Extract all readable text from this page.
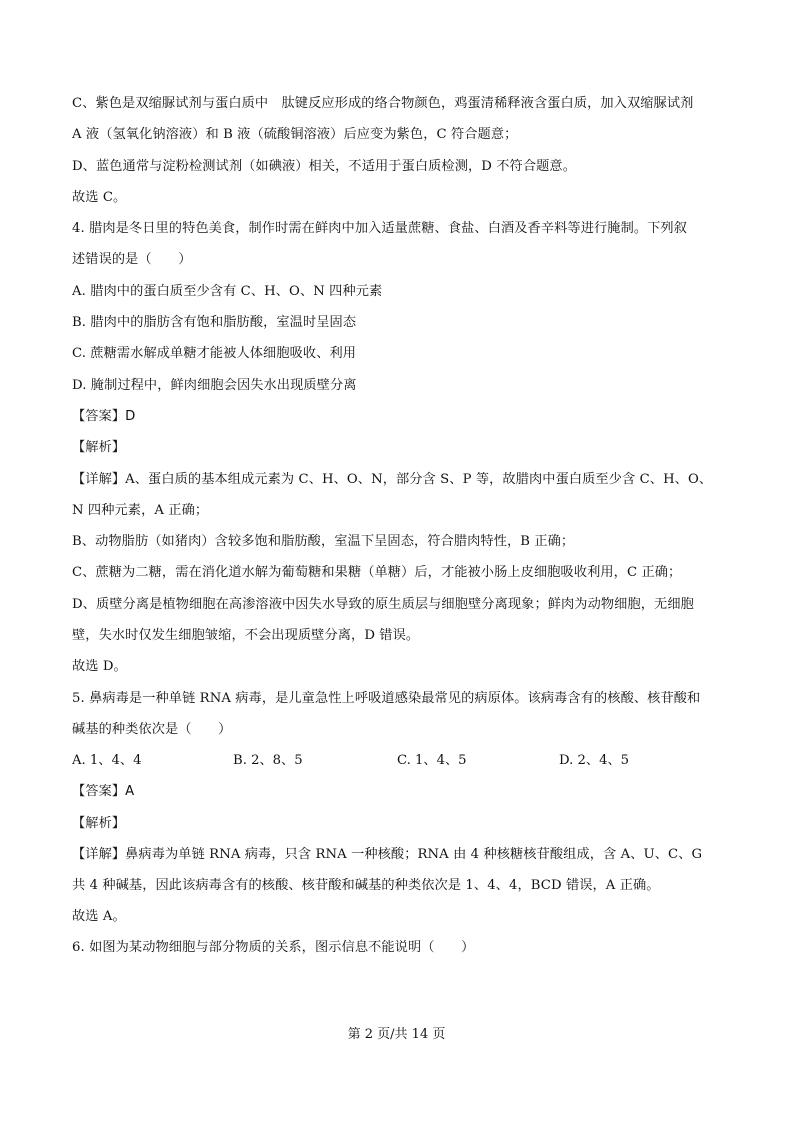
C、紫色是双缩脲试剂与蛋白质中　肽键反应形成的络合物颜色，鸡蛋清稀释液含蛋白质，加入双缩脲试剂
A 液（氢氧化钠溶液）和 B 液（硫酸铜溶液）后应变为紫色，C 符合题意；
D、蓝色通常与淀粉检测试剂（如碘液）相关，不适用于蛋白质检测，D 不符合题意。
故选 C。
4. 腊肉是冬日里的特色美食，制作时需在鲜肉中加入适量蔗糖、食盐、白酒及香辛料等进行腌制。下列叙
述错误的是（　　）
A. 腊肉中的蛋白质至少含有 C、H、O、N 四种元素
B. 腊肉中的脂肪含有饱和脂肪酸，室温时呈固态
C. 蔗糖需水解成单糖才能被人体细胞吸收、利用
D. 腌制过程中，鲜肉细胞会因失水出现质壁分离
【答案】D
【解析】
【详解】A、蛋白质的基本组成元素为 C、H、O、N，部分含 S、P 等，故腊肉中蛋白质至少含 C、H、O、
N 四种元素，A 正确；
B、动物脂肪（如猪肉）含较多饱和脂肪酸，室温下呈固态，符合腊肉特性，B 正确；
C、蔗糖为二糖，需在消化道水解为葡萄糖和果糖（单糖）后，才能被小肠上皮细胞吸收利用，C 正确；
D、质壁分离是植物细胞在高渗溶液中因失水导致的原生质层与细胞壁分离现象；鲜肉为动物细胞，无细胞
壁，失水时仅发生细胞皱缩，不会出现质壁分离，D 错误。
故选 D。
5. 鼻病毒是一种单链 RNA 病毒，是儿童急性上呼吸道感染最常见的病原体。该病毒含有的核酸、核苷酸和
碱基的种类依次是（　　）
A. 1、4、4	B. 2、8、5	C. 1、4、5	D. 2、4、5
【答案】A
【解析】
【详解】鼻病毒为单链 RNA 病毒，只含 RNA 一种核酸；RNA 由 4 种核糖核苷酸组成，含 A、U、C、G
共 4 种碱基，因此该病毒含有的核酸、核苷酸和碱基的种类依次是 1、4、4，BCD 错误，A 正确。
故选 A。
6. 如图为某动物细胞与部分物质的关系，图示信息不能说明（　　）
第 2 页/共 14 页
